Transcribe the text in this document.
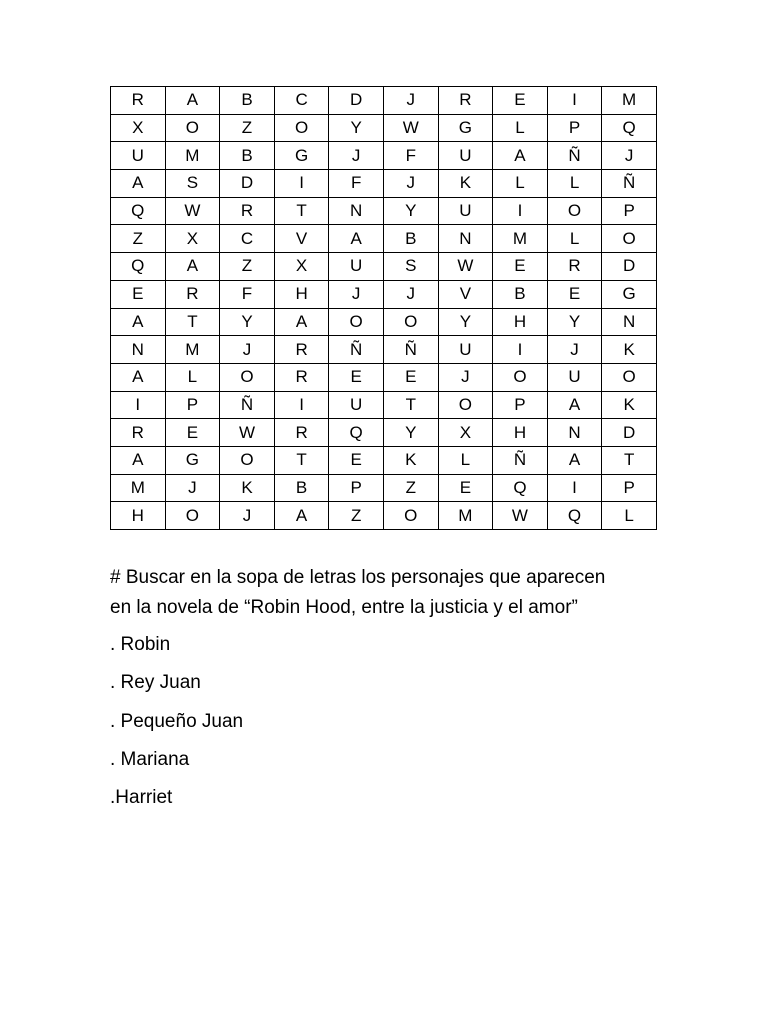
R	A	B	C	D	J	R	E	I	M
X	O	Z	O	Y	W	G	L	P	Q
U	M	B	G	J	F	U	A	Ñ	J
A	S	D	I	F	J	K	L	L	Ñ
Q	W	R	T	N	Y	U	I	O	P
Z	X	C	V	A	B	N	M	L	O
Q	A	Z	X	U	S	W	E	R	D
E	R	F	H	J	J	V	B	E	G
A	T	Y	A	O	O	Y	H	Y	N
N	M	J	R	Ñ	Ñ	U	I	J	K
A	L	O	R	E	E	J	O	U	O
I	P	Ñ	I	U	T	O	P	A	K
R	E	W	R	Q	Y	X	H	N	D
A	G	O	T	E	K	L	Ñ	A	T
M	J	K	B	P	Z	E	Q	I	P
H	O	J	A	Z	O	M	W	Q	L

# Buscar en la sopa de letras los personajes que aparecen
en la novela de “Robin Hood, entre la justicia y el amor”

. Robin
. Rey Juan
. Pequeño Juan
. Mariana
.Harriet
